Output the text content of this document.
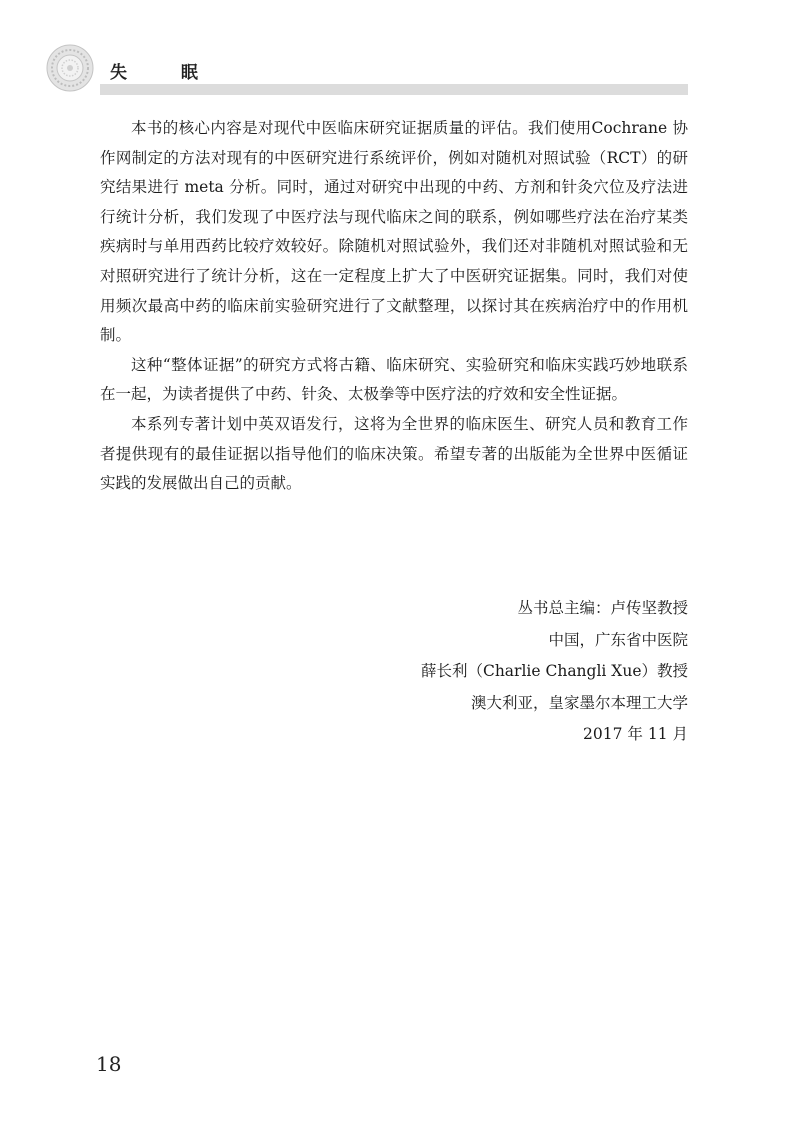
失 眠

本书的核心内容是对现代中医临床研究证据质量的评估。我们使用Cochrane 协作网制定的方法对现有的中医研究进行系统评价，例如对随机对照试验（RCT）的研究结果进行 meta 分析。同时，通过对研究中出现的中药、方剂和针灸穴位及疗法进行统计分析，我们发现了中医疗法与现代临床之间的联系，例如哪些疗法在治疗某类疾病时与单用西药比较疗效较好。除随机对照试验外，我们还对非随机对照试验和无对照研究进行了统计分析，这在一定程度上扩大了中医研究证据集。同时，我们对使用频次最高中药的临床前实验研究进行了文献整理，以探讨其在疾病治疗中的作用机制。

这种“整体证据”的研究方式将古籍、临床研究、实验研究和临床实践巧妙地联系在一起，为读者提供了中药、针灸、太极拳等中医疗法的疗效和安全性证据。

本系列专著计划中英双语发行，这将为全世界的临床医生、研究人员和教育工作者提供现有的最佳证据以指导他们的临床决策。希望专著的出版能为全世界中医循证实践的发展做出自己的贡献。

丛书总主编：卢传坚教授
中国，广东省中医院
薛长利（Charlie Changli Xue）教授
澳大利亚，皇家墨尔本理工大学
2017 年 11 月
18
